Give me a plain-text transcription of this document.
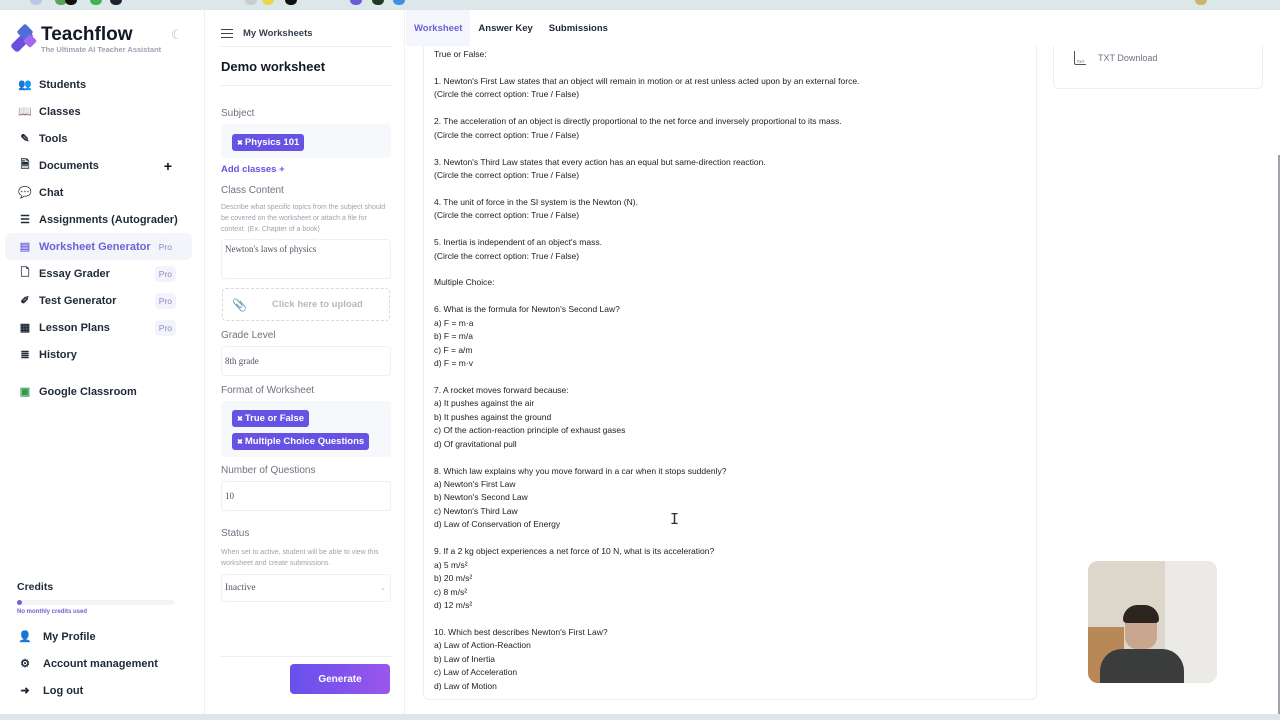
Teachflow
The Ultimate AI Teacher Assistant
☾
👥 Students
📖 Classes
✎ Tools
🗎 Documents	+
💬 Chat
☰ Assignments (Autograder)
▤ Worksheet Generator Pro
🗋 Essay Grader	Pro
✐ Test Generator	Pro
▦ Lesson Plans	Pro
≣ History
▣ Google Classroom
Credits
No monthly credits used
👤 My Profile
⚙ Account management
➜ Log out
My Worksheets
Demo worksheet
Subject
✖ Physics 101
Add classes +
Class Content
Describe what specific topics from the subject should be covered on the worksheet or attach a file for context. (Ex. Chapter of a book)
Newton's laws of physics
📎	Click here to upload
Grade Level
8th grade
Format of Worksheet
✖ True or False
✖ Multiple Choice Questions
Number of Questions
10
Status
When set to active, student will be able to view this worksheet and create submissions.
Inactive	⌄
Generate
Worksheet	Answer Key	Submissions
True or False:
1. Newton's First Law states that an object will remain in motion or at rest unless acted upon by an external force.
(Circle the correct option: True / False)
2. The acceleration of an object is directly proportional to the net force and inversely proportional to its mass.
(Circle the correct option: True / False)
3. Newton's Third Law states that every action has an equal but same-direction reaction.
(Circle the correct option: True / False)
4. The unit of force in the SI system is the Newton (N).
(Circle the correct option: True / False)
5. Inertia is independent of an object's mass.
(Circle the correct option: True / False)
Multiple Choice:
6. What is the formula for Newton's Second Law?
a) F = m·a
b) F = m/a
c) F = a/m
d) F = m·v
7. A rocket moves forward because:
a) It pushes against the air
b) It pushes against the ground
c) Of the action-reaction principle of exhaust gases
d) Of gravitational pull
8. Which law explains why you move forward in a car when it stops suddenly?
a) Newton's First Law
b) Newton's Second Law
c) Newton's Third Law
d) Law of Conservation of Energy
9. If a 2 kg object experiences a net force of 10 N, what is its acceleration?
a) 5 m/s²
b) 20 m/s²
c) 8 m/s²
d) 12 m/s²
10. Which best describes Newton's First Law?
a) Law of Action-Reaction
b) Law of Inertia
c) Law of Acceleration
d) Law of Motion
TXT TXT Download
I
